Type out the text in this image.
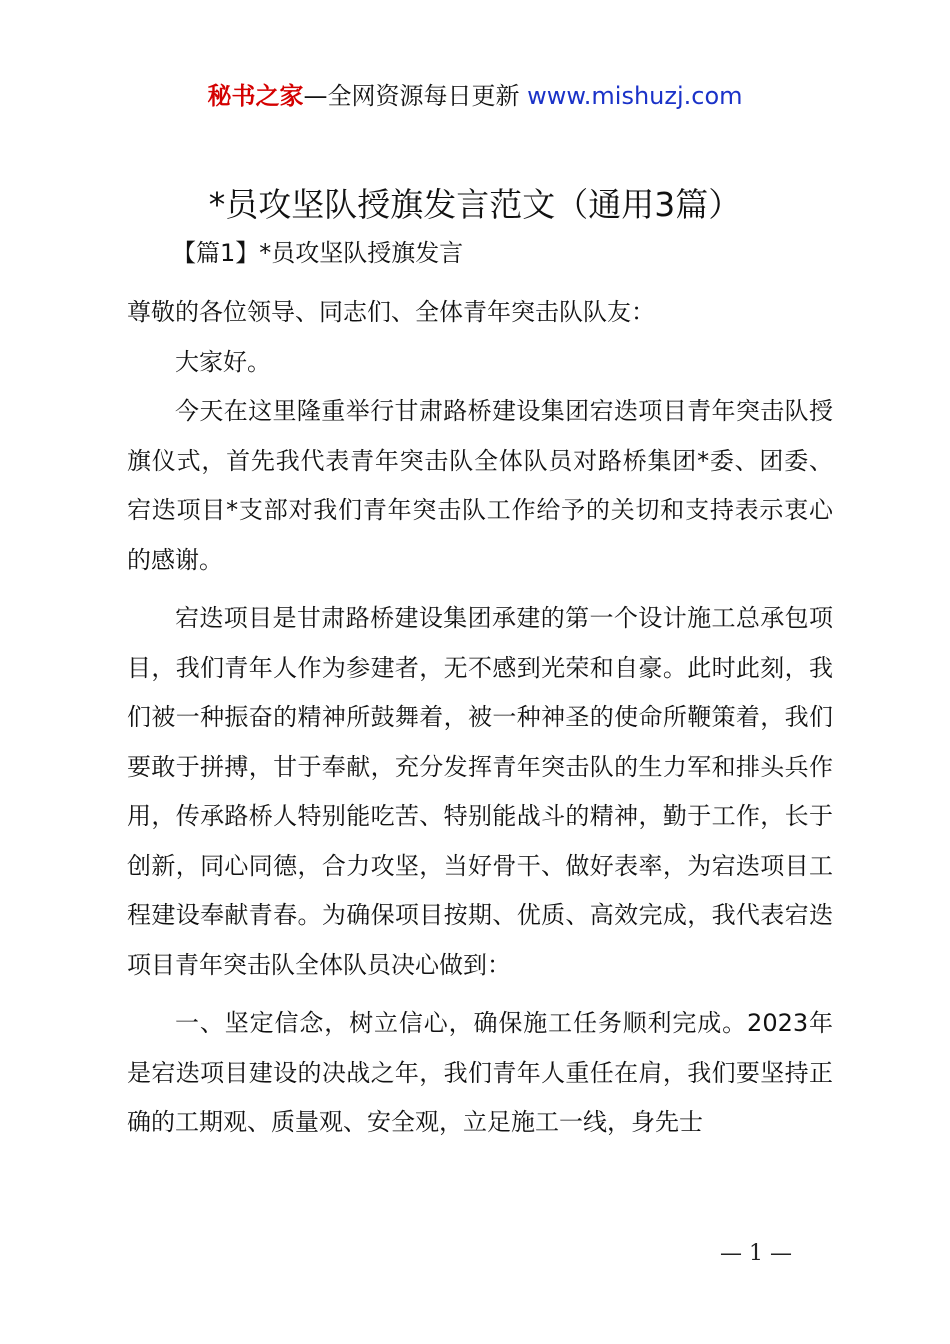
秘书之家—全网资源每日更新 www.mishuzj.com
*员攻坚队授旗发言范文（通用3篇）
【篇1】*员攻坚队授旗发言

尊敬的各位领导、同志们、全体青年突击队队友：

大家好。

今天在这里隆重举行甘肃路桥建设集团宕迭项目青年突击队授旗仪式，首先我代表青年突击队全体队员对路桥集团*委、团委、宕迭项目*支部对我们青年突击队工作给予的关切和支持表示衷心的感谢。

宕迭项目是甘肃路桥建设集团承建的第一个设计施工总承包项目，我们青年人作为参建者，无不感到光荣和自豪。此时此刻，我们被一种振奋的精神所鼓舞着，被一种神圣的使命所鞭策着，我们要敢于拼搏，甘于奉献，充分发挥青年突击队的生力军和排头兵作用，传承路桥人特别能吃苦、特别能战斗的精神，勤于工作，长于创新，同心同德，合力攻坚，当好骨干、做好表率，为宕迭项目工程建设奉献青春。为确保项目按期、优质、高效完成，我代表宕迭项目青年突击队全体队员决心做到：

一、坚定信念，树立信心，确保施工任务顺利完成。2023年是宕迭项目建设的决战之年，我们青年人重任在肩，我们要坚持正确的工期观、质量观、安全观，立足施工一线，身先士

— 1 —
